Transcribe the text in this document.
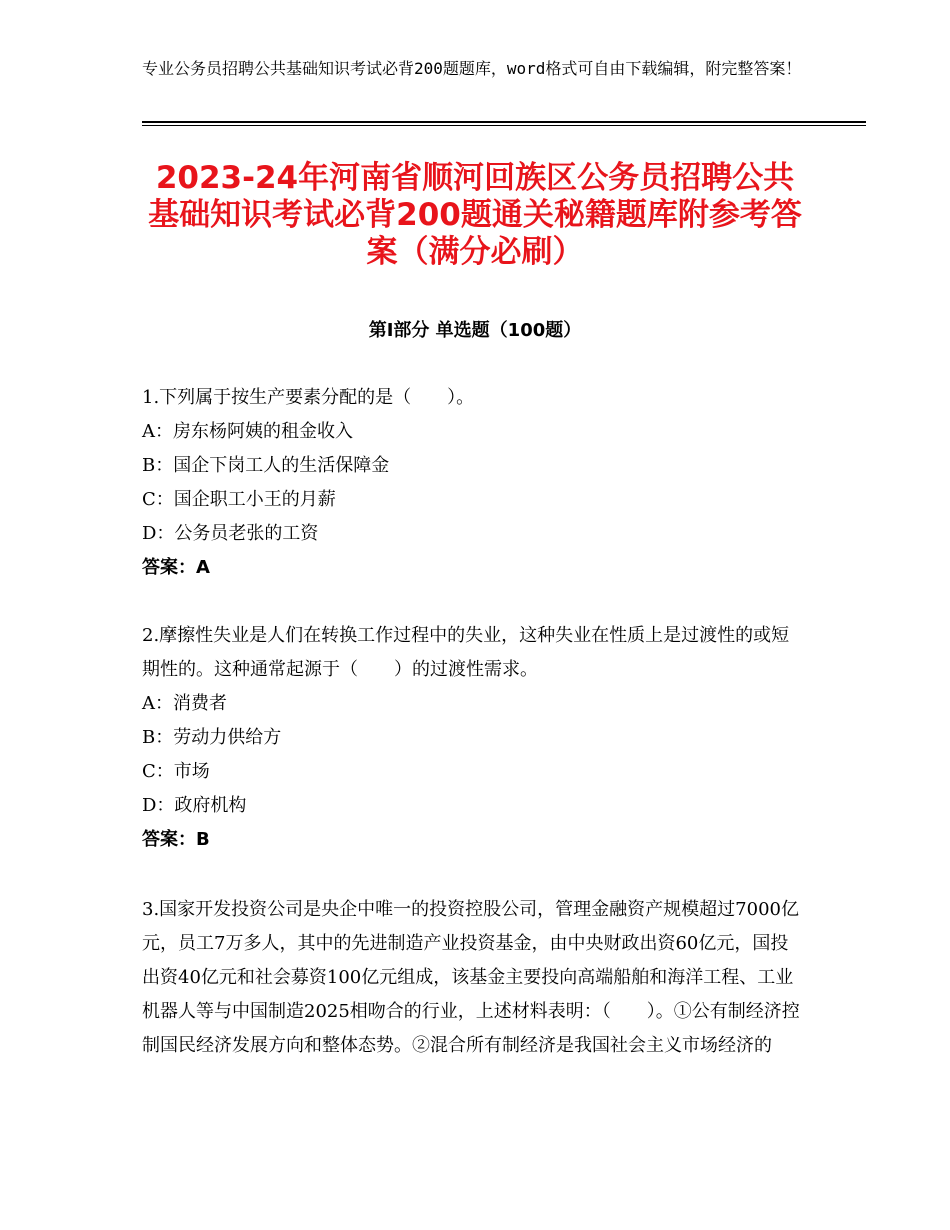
专业公务员招聘公共基础知识考试必背200题题库，word格式可自由下载编辑，附完整答案！
2023-24年河南省顺河回族区公务员招聘公共基础知识考试必背200题通关秘籍题库附参考答案（满分必刷）
第Ⅰ部分 单选题（100题）
1.下列属于按生产要素分配的是（　　）。
A：房东杨阿姨的租金收入
B：国企下岗工人的生活保障金
C：国企职工小王的月薪
D：公务员老张的工资
答案：A
2.摩擦性失业是人们在转换工作过程中的失业，这种失业在性质上是过渡性的或短期性的。这种通常起源于（　　）的过渡性需求。
A：消费者
B：劳动力供给方
C：市场
D：政府机构
答案：B
3.国家开发投资公司是央企中唯一的投资控股公司，管理金融资产规模超过7000亿元，员工7万多人，其中的先进制造产业投资基金，由中央财政出资60亿元，国投出资40亿元和社会募资100亿元组成，该基金主要投向高端船舶和海洋工程、工业机器人等与中国制造2025相吻合的行业，上述材料表明：（　　）。①公有制经济控制国民经济发展方向和整体态势。②混合所有制经济是我国社会主义市场经济的
